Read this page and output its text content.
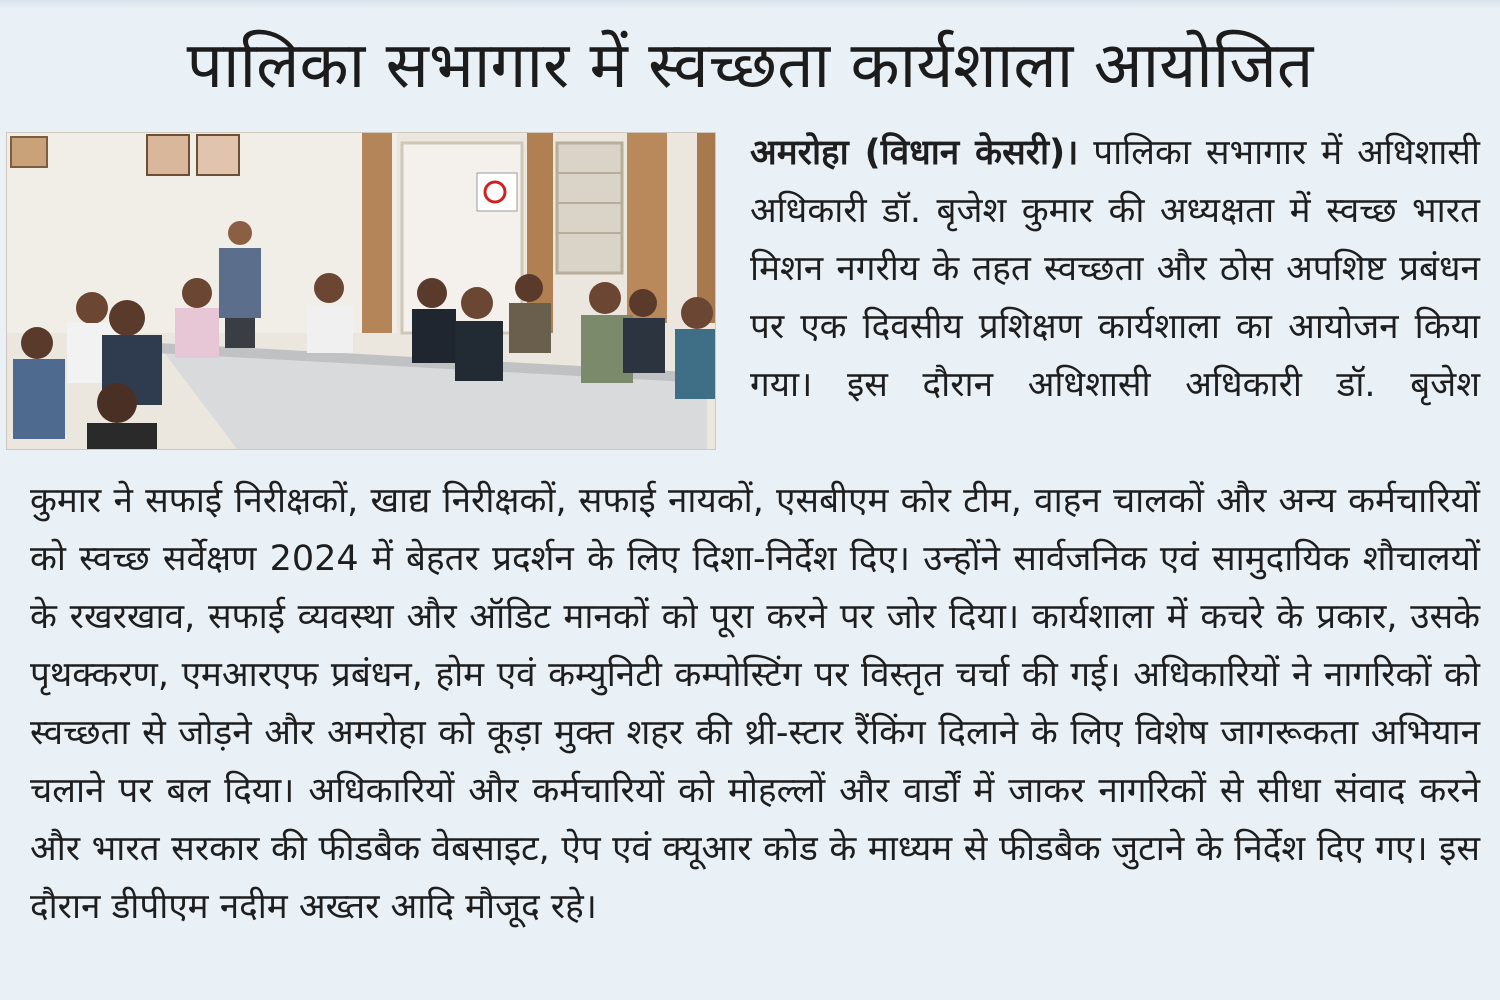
पालिका सभागार में स्वच्छता कार्यशाला आयोजित

अमरोहा (विधान केसरी)। पालिका सभागार में अधिशासी अधिकारी डॉ. बृजेश कुमार की अध्यक्षता में स्वच्छ भारत मिशन नगरीय के तहत स्वच्छता और ठोस अपशिष्ट प्रबंधन पर एक दिवसीय प्रशिक्षण कार्यशाला का आयोजन किया गया। इस दौरान अधिशासी अधिकारी डॉ. बृजेश

कुमार ने सफाई निरीक्षकों, खाद्य निरीक्षकों, सफाई नायकों, एसबीएम कोर टीम, वाहन चालकों और अन्य कर्मचारियों को स्वच्छ सर्वेक्षण 2024 में बेहतर प्रदर्शन के लिए दिशा-निर्देश दिए। उन्होंने सार्वजनिक एवं सामुदायिक शौचालयों के रखरखाव, सफाई व्यवस्था और ऑडिट मानकों को पूरा करने पर जोर दिया। कार्यशाला में कचरे के प्रकार, उसके पृथक्करण, एमआरएफ प्रबंधन, होम एवं कम्युनिटी कम्पोस्टिंग पर विस्तृत चर्चा की गई। अधिकारियों ने नागरिकों को स्वच्छता से जोड़ने और अमरोहा को कूड़ा मुक्त शहर की थ्री-स्टार रैंकिंग दिलाने के लिए विशेष जागरूकता अभियान चलाने पर बल दिया। अधिकारियों और कर्मचारियों को मोहल्लों और वार्डों में जाकर नागरिकों से सीधा संवाद करने और भारत सरकार की फीडबैक वेबसाइट, ऐप एवं क्यूआर कोड के माध्यम से फीडबैक जुटाने के निर्देश दिए गए। इस दौरान डीपीएम नदीम अख्तर आदि मौजूद रहे।
